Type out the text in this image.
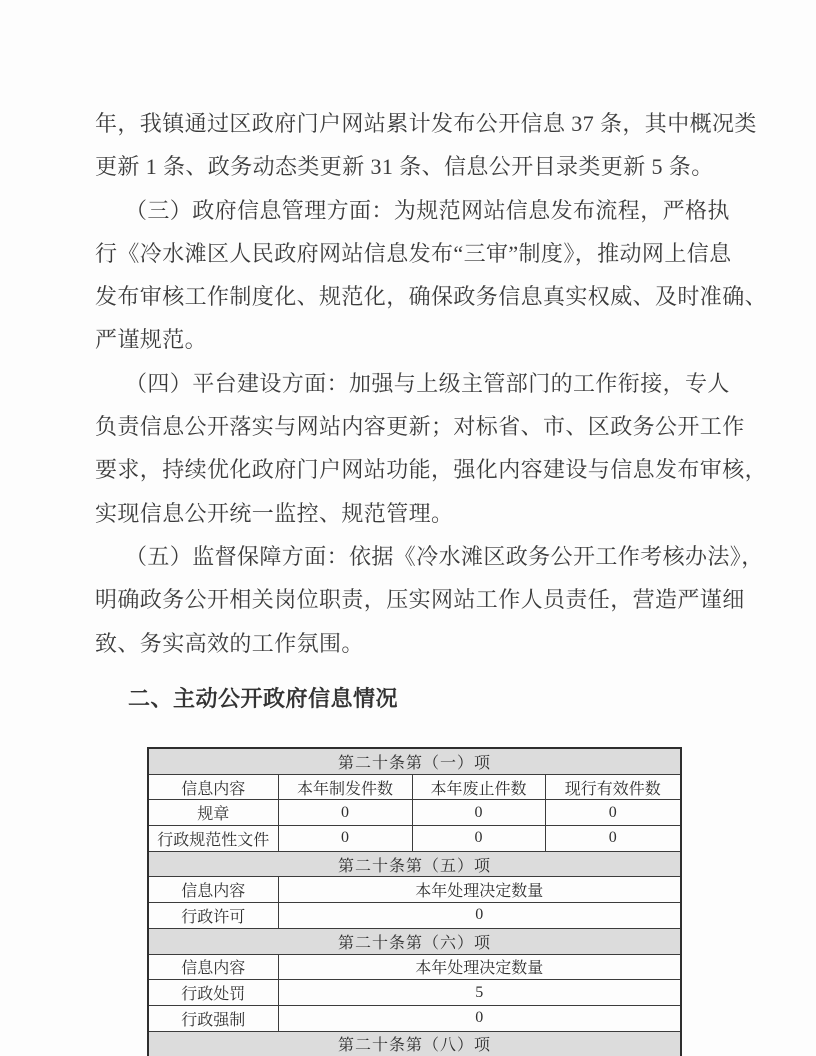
年，我镇通过区政府门户网站累计发布公开信息 37 条，其中概况类
更新 1 条、政务动态类更新 31 条、信息公开目录类更新 5 条。
（三）政府信息管理方面：为规范网站信息发布流程，严格执
行《冷水滩区人民政府网站信息发布“三审”制度》，推动网上信息
发布审核工作制度化、规范化，确保政务信息真实权威、及时准确、
严谨规范。
（四）平台建设方面：加强与上级主管部门的工作衔接，专人
负责信息公开落实与网站内容更新；对标省、市、区政务公开工作
要求，持续优化政府门户网站功能，强化内容建设与信息发布审核，
实现信息公开统一监控、规范管理。
（五）监督保障方面：依据《冷水滩区政务公开工作考核办法》，
明确政务公开相关岗位职责，压实网站工作人员责任，营造严谨细
致、务实高效的工作氛围。
二、主动公开政府信息情况
第二十条第（一）项			
信息内容	本年制发件数	本年废止件数	现行有效件数
规章	0	0	0
行政规范性文件	0	0	0
第二十条第（五）项			
信息内容	本年处理决定数量		
行政许可	0		
第二十条第（六）项			
信息内容	本年处理决定数量		
行政处罚	5		
行政强制	0		
第二十条第（八）项			
